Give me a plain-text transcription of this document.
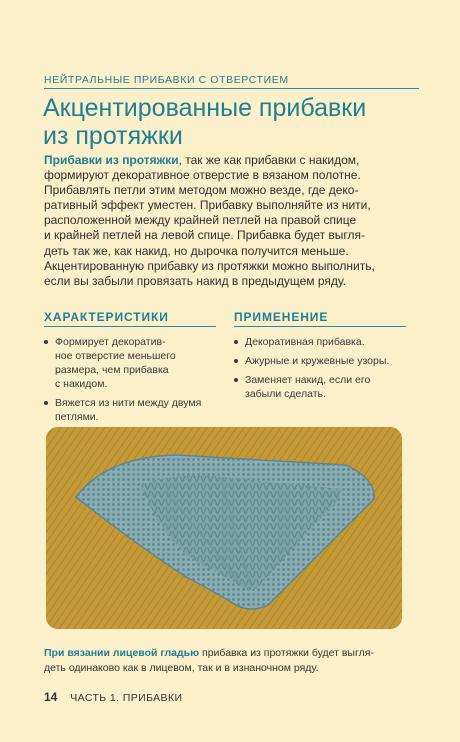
НЕЙТРАЛЬНЫЕ ПРИБАВКИ С ОТВЕРСТИЕМ
Акцентированные прибавки
из протяжки
Прибавки из протяжки, так же как прибавки с накидом,
формируют декоративное отверстие в вязаном полотне.
Прибавлять петли этим методом можно везде, где деко-
ративный эффект уместен. Прибавку выполняйте из нити,
расположенной между крайней петлей на правой спице
и крайней петлей на левой спице. Прибавка будет выгля-
деть так же, как накид, но дырочка получится меньше.
Акцентированную прибавку из протяжки можно выполнить,
если вы забыли провязать накид в предыдущем ряду.
ХАРАКТЕРИСТИКИ
Формирует декоратив-
ное отверстие меньшего
размера, чем прибавка
с накидом.
Вяжется из нити между двумя
петлями.
ПРИМЕНЕНИЕ
Декоративная прибавка.
Ажурные и кружевные узоры.
Заменяет накид, если его
забыли сделать.
При вязании лицевой гладью прибавка из протяжки будет выгля-
деть одинаково как в лицевом, так и в изнаночном ряду.
14 ЧАСТЬ 1. ПРИБАВКИ
